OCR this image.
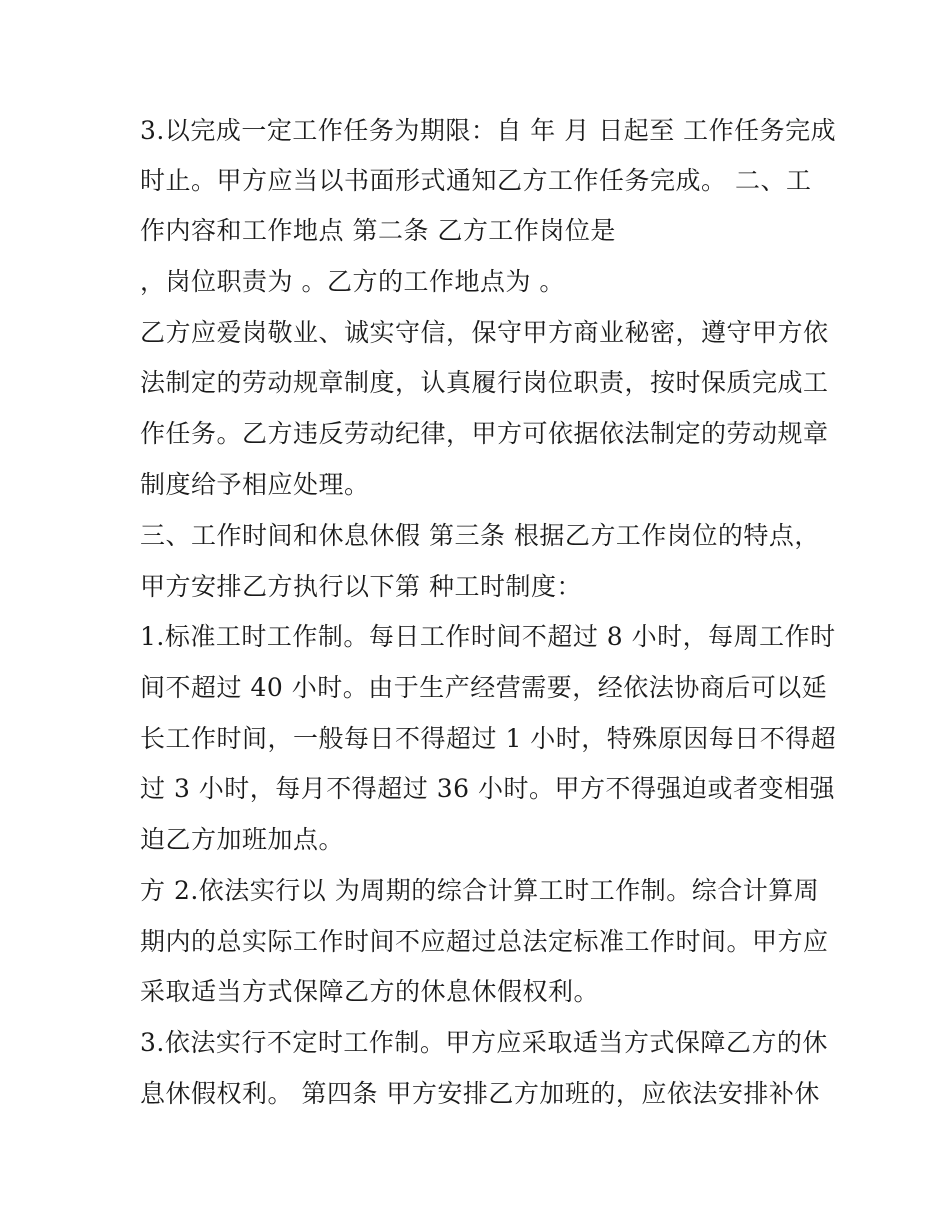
3.以完成一定工作任务为期限：自 年 月 日起至 工作任务完成
时止。甲方应当以书面形式通知乙方工作任务完成。 二、工
作内容和工作地点 第二条 乙方工作岗位是
，岗位职责为 。乙方的工作地点为 。
乙方应爱岗敬业、诚实守信，保守甲方商业秘密，遵守甲方依
法制定的劳动规章制度，认真履行岗位职责，按时保质完成工
作任务。乙方违反劳动纪律，甲方可依据依法制定的劳动规章
制度给予相应处理。
三、工作时间和休息休假 第三条 根据乙方工作岗位的特点，
甲方安排乙方执行以下第 种工时制度：
1.标准工时工作制。每日工作时间不超过 8 小时，每周工作时
间不超过 40 小时。由于生产经营需要，经依法协商后可以延
长工作时间，一般每日不得超过 1 小时，特殊原因每日不得超
过 3 小时，每月不得超过 36 小时。甲方不得强迫或者变相强
迫乙方加班加点。
方 2.依法实行以 为周期的综合计算工时工作制。综合计算周
期内的总实际工作时间不应超过总法定标准工作时间。甲方应
采取适当方式保障乙方的休息休假权利。
3.依法实行不定时工作制。甲方应采取适当方式保障乙方的休
息休假权利。 第四条 甲方安排乙方加班的，应依法安排补休
